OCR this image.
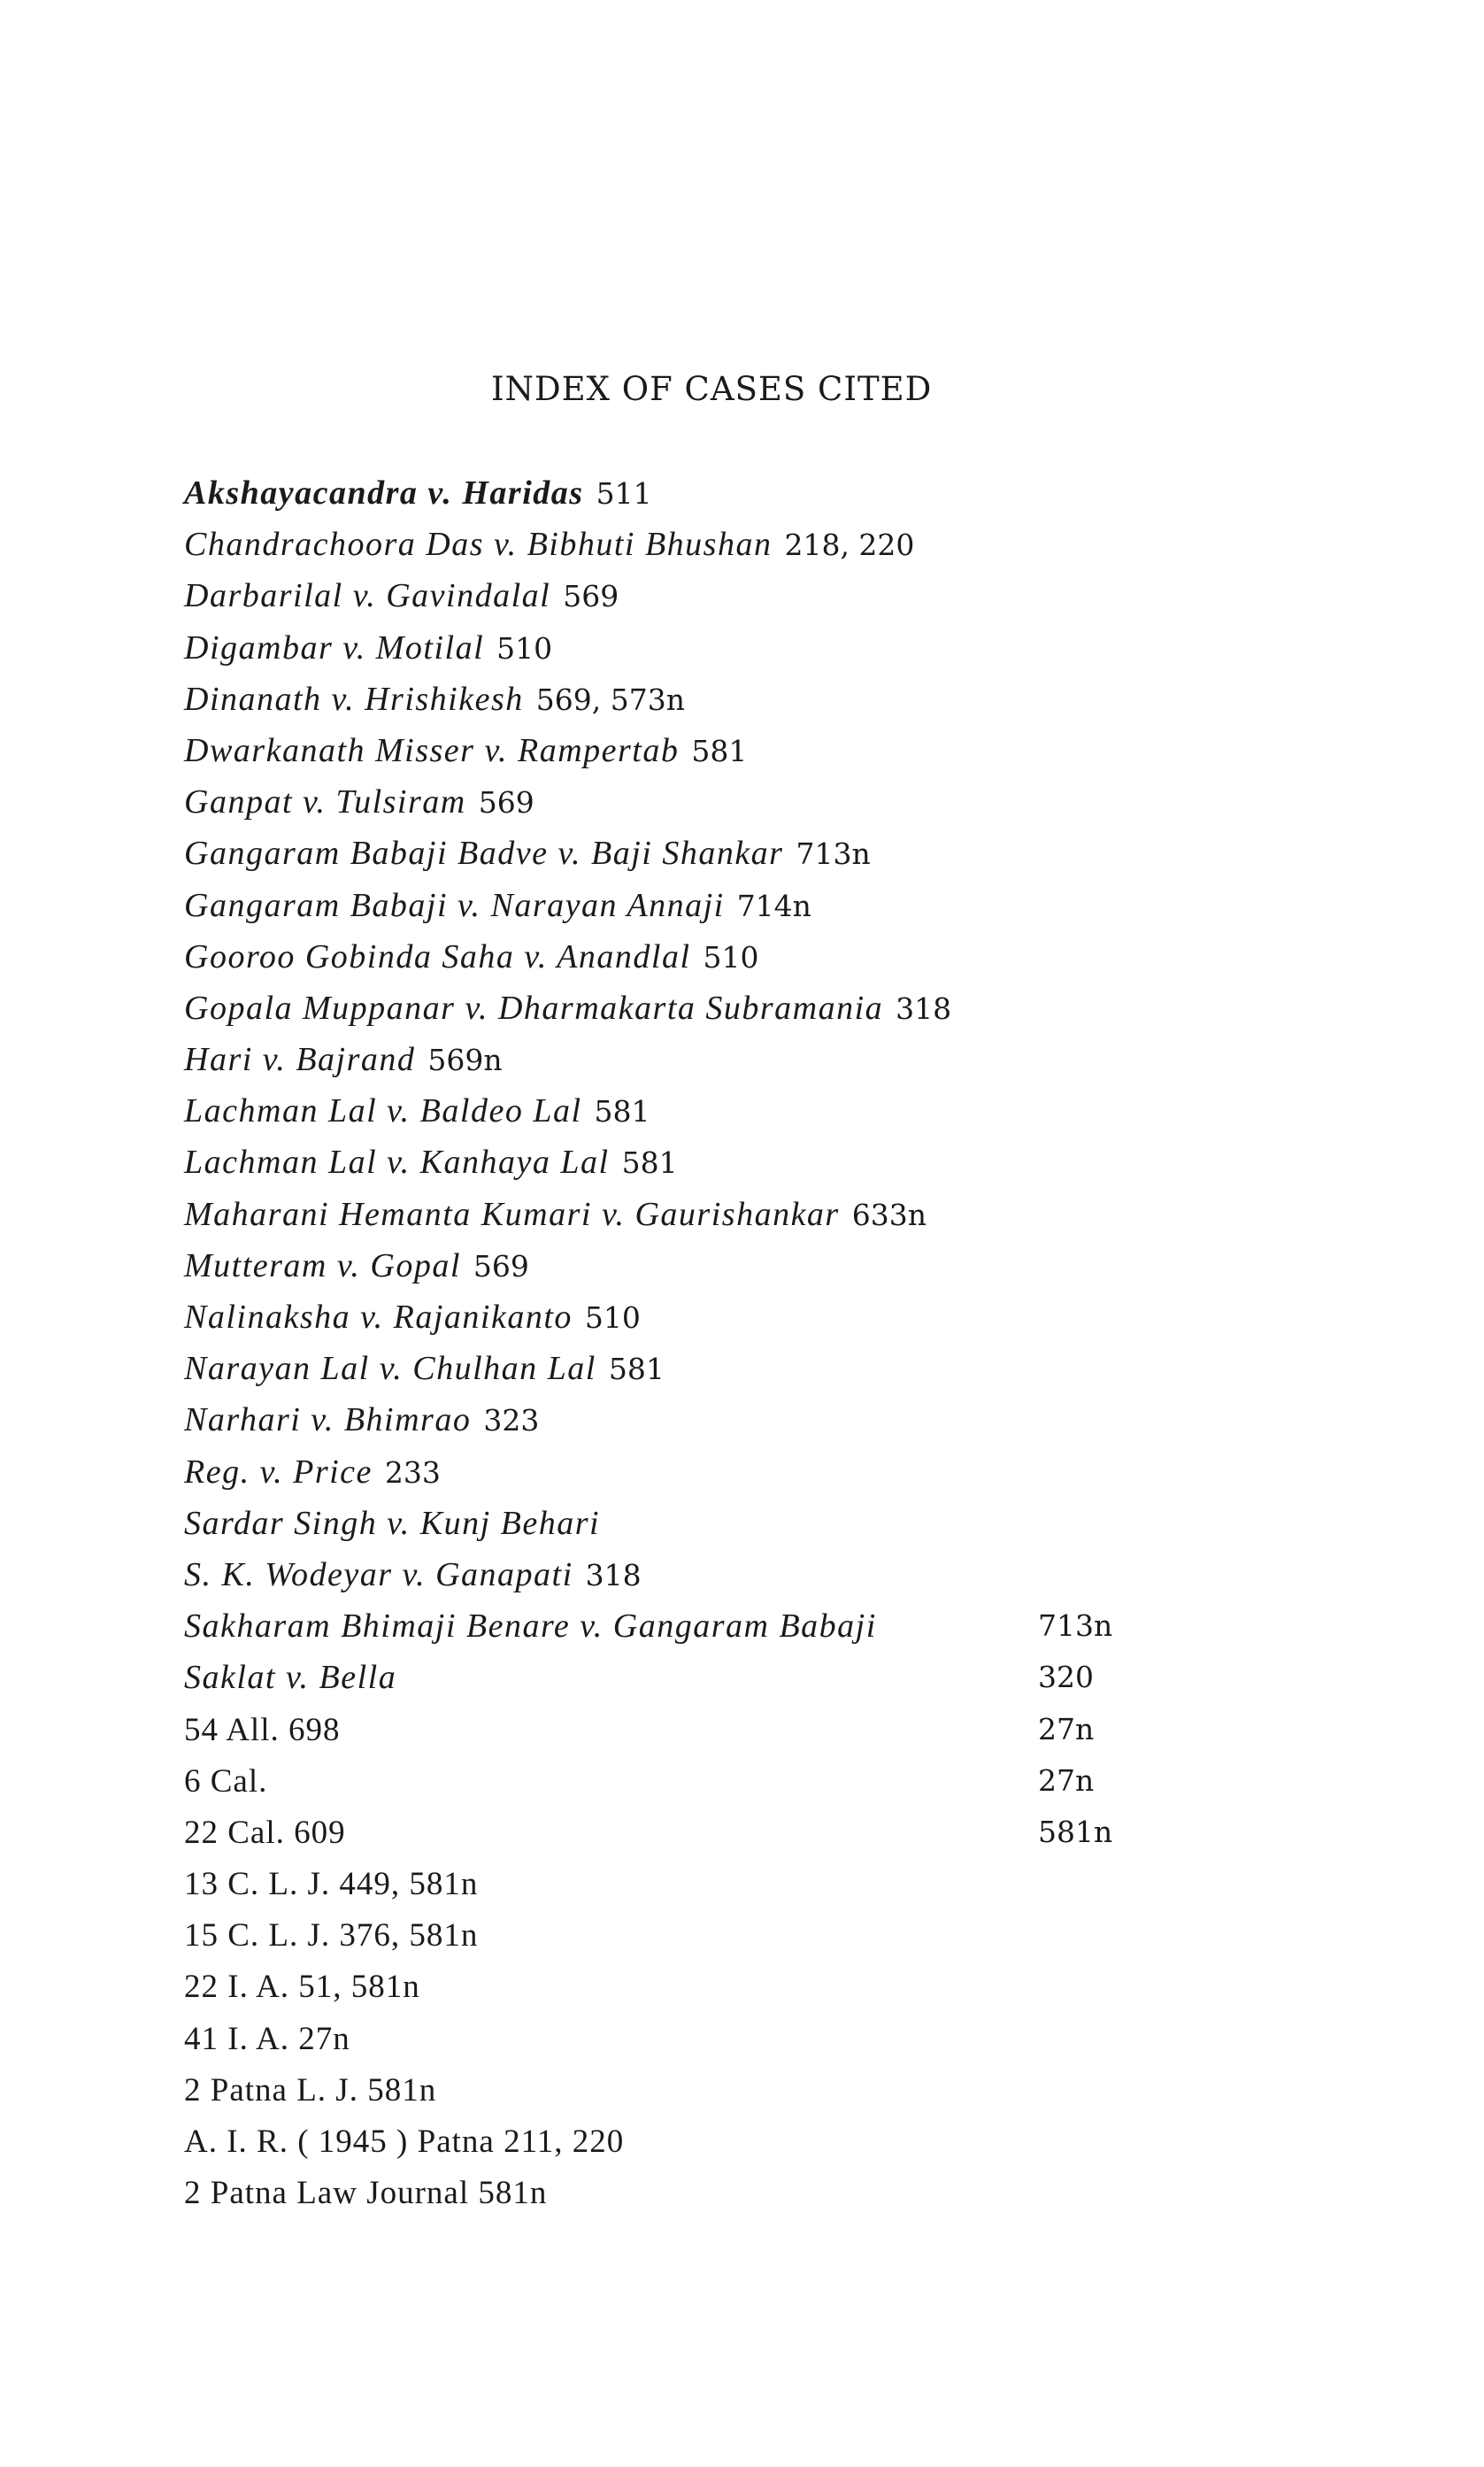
INDEX OF CASES CITED
Akshayacandra v. Haridas 511
Chandrachoora Das v. Bibhuti Bhushan 218, 220
Darbarilal v. Gavindalal 569
Digambar v. Motilal 510
Dinanath v. Hrishikesh 569, 573n
Dwarkanath Misser v. Rampertab 581
Ganpat v. Tulsiram 569
Gangaram Babaji Badve v. Baji Shankar 713n
Gangaram Babaji v. Narayan Annaji 714n
Gooroo Gobinda Saha v. Anandlal 510
Gopala Muppanar v. Dharmakarta Subramania 318
Hari v. Bajrand 569n
Lachman Lal v. Baldeo Lal 581
Lachman Lal v. Kanhaya Lal 581
Maharani Hemanta Kumari v. Gaurishankar 633n
Mutteram v. Gopal 569
Nalinaksha v. Rajanikanto 510
Narayan Lal v. Chulhan Lal 581
Narhari v. Bhimrao 323
Reg. v. Price 233
Sardar Singh v. Kunj Behari
S. K. Wodeyar v. Ganapati 318
Sakharam Bhimaji Benare v. Gangaram Babaji	713n
Saklat v. Bella	320
54 All. 698	27n
6 Cal.	27n
22 Cal. 609	581n
13 C. L. J. 449, 581n
15 C. L. J. 376, 581n
22 I. A. 51, 581n
41 I. A. 27n
2 Patna L. J. 581n
A. I. R. ( 1945 ) Patna 211, 220
2 Patna Law Journal 581n
